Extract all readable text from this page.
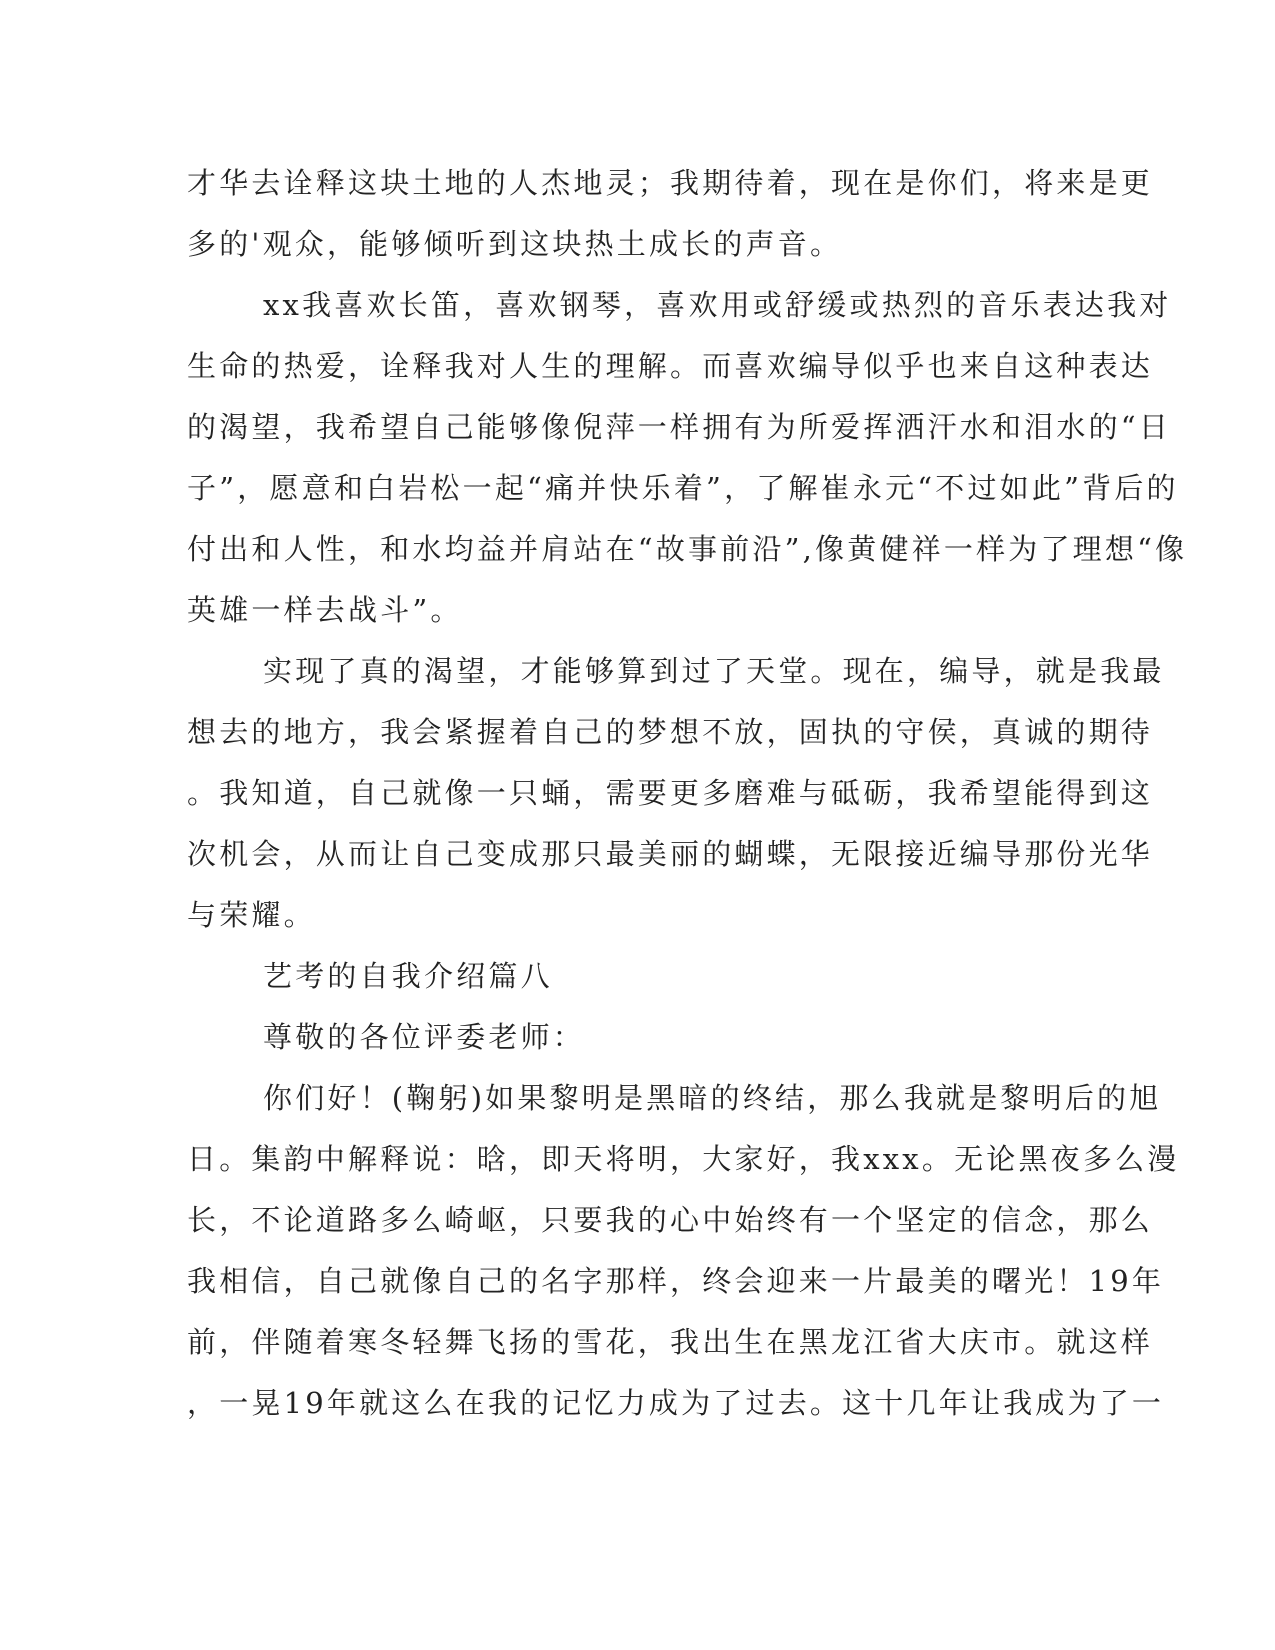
才华去诠释这块土地的人杰地灵；我期待着，现在是你们，将来是更
多的'观众，能够倾听到这块热土成长的声音。
xx我喜欢长笛，喜欢钢琴，喜欢用或舒缓或热烈的音乐表达我对
生命的热爱，诠释我对人生的理解。而喜欢编导似乎也来自这种表达
的渴望，我希望自己能够像倪萍一样拥有为所爱挥洒汗水和泪水的“日
子”，愿意和白岩松一起“痛并快乐着”，了解崔永元“不过如此”背后的
付出和人性，和水均益并肩站在“故事前沿”,像黄健祥一样为了理想“像
英雄一样去战斗”。
实现了真的渴望，才能够算到过了天堂。现在，编导，就是我最
想去的地方，我会紧握着自己的梦想不放，固执的守侯，真诚的期待
。我知道，自己就像一只蛹，需要更多磨难与砥砺，我希望能得到这
次机会，从而让自己变成那只最美丽的蝴蝶，无限接近编导那份光华
与荣耀。
艺考的自我介绍篇八
尊敬的各位评委老师：
你们好！(鞠躬)如果黎明是黑暗的终结，那么我就是黎明后的旭
日。集韵中解释说：晗，即天将明，大家好，我xxx。无论黑夜多么漫
长，不论道路多么崎岖，只要我的心中始终有一个坚定的信念，那么
我相信，自己就像自己的名字那样，终会迎来一片最美的曙光！19年
前，伴随着寒冬轻舞飞扬的雪花，我出生在黑龙江省大庆市。就这样
，一晃19年就这么在我的记忆力成为了过去。这十几年让我成为了一
